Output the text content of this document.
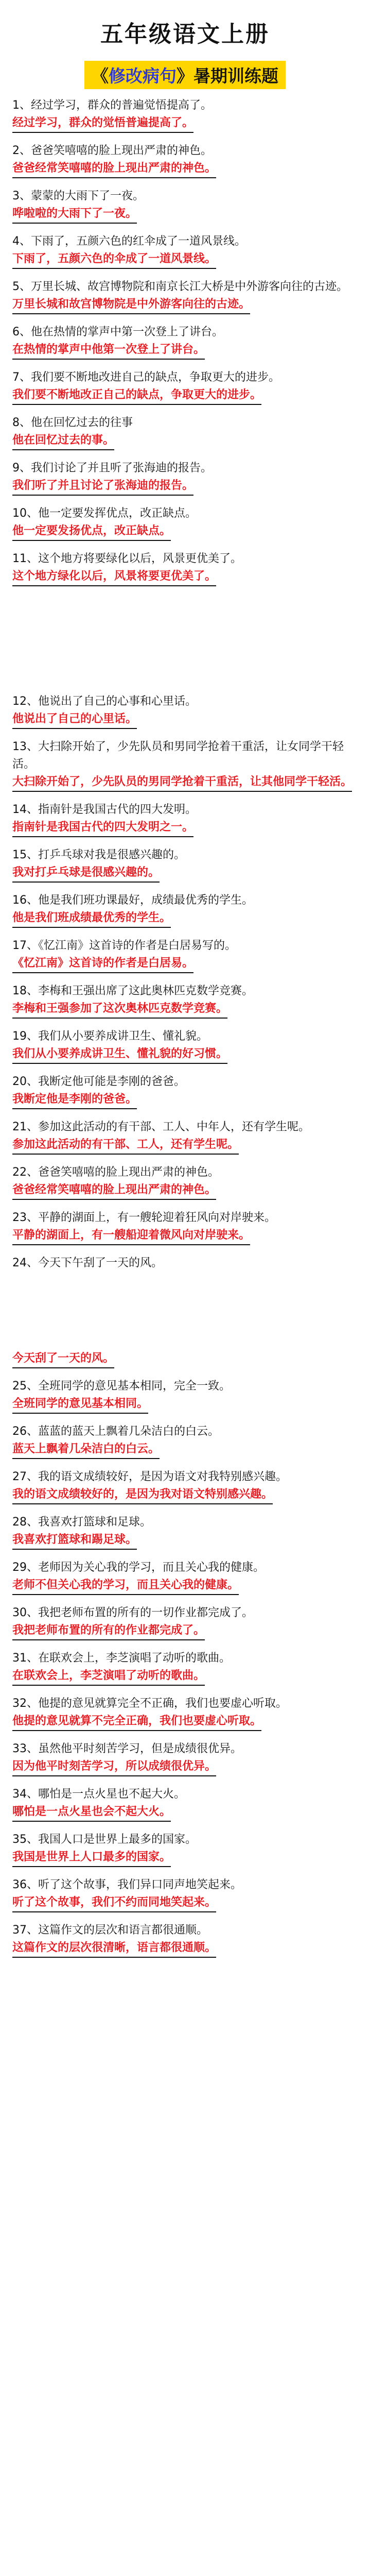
五年级语文上册
《修改病句》暑期训练题

1、经过学习，群众的普遍觉悟提高了。

经过学习，群众的觉悟普遍提高了。

2、爸爸笑嘻嘻的脸上现出严肃的神色。

爸爸经常笑嘻嘻的脸上现出严肃的神色。

3、蒙蒙的大雨下了一夜。

哗啦啦的大雨下了一夜。

4、下雨了，五颜六色的红伞成了一道风景线。

下雨了，五颜六色的伞成了一道风景线。

5、万里长城、故宫博物院和南京长江大桥是中外游客向往的古迹。

万里长城和故宫博物院是中外游客向往的古迹。

6、他在热情的掌声中第一次登上了讲台。

在热情的掌声中他第一次登上了讲台。

7、我们要不断地改进自己的缺点，争取更大的进步。

我们要不断地改正自己的缺点，争取更大的进步。

8、他在回忆过去的往事

他在回忆过去的事。

9、我们讨论了并且听了张海迪的报告。

我们听了并且讨论了张海迪的报告。

10、他一定要发挥优点，改正缺点。

他一定要发扬优点，改正缺点。

11、这个地方将要绿化以后，风景更优美了。

这个地方绿化以后，风景将要更优美了。

12、他说出了自己的心事和心里话。

他说出了自己的心里话。

13、大扫除开始了，少先队员和男同学抢着干重活，让女同学干轻活。

大扫除开始了，少先队员的男同学抢着干重活，让其他同学干轻活。

14、指南针是我国古代的四大发明。

指南针是我国古代的四大发明之一。

15、打乒乓球对我是很感兴趣的。

我对打乒乓球是很感兴趣的。

16、他是我们班功课最好，成绩最优秀的学生。

他是我们班成绩最优秀的学生。

17、《忆江南》这首诗的作者是白居易写的。

《忆江南》这首诗的作者是白居易。

18、李梅和王强出席了这此奥林匹克数学竞赛。

李梅和王强参加了这次奥林匹克数学竞赛。

19、我们从小要养成讲卫生、懂礼貌。

我们从小要养成讲卫生、懂礼貌的好习惯。

20、我断定他可能是李刚的爸爸。

我断定他是李刚的爸爸。

21、参加这此活动的有干部、工人、中年人，还有学生呢。

参加这此活动的有干部、工人，还有学生呢。

22、爸爸笑嘻嘻的脸上现出严肃的神色。

爸爸经常笑嘻嘻的脸上现出严肃的神色。

23、平静的湖面上，有一艘轮迎着狂风向对岸驶来。

平静的湖面上，有一艘船迎着微风向对岸驶来。

24、今天下午刮了一天的风。

今天刮了一天的风。

25、全班同学的意见基本相同，完全一致。

全班同学的意见基本相同。

26、蓝蓝的蓝天上飘着几朵洁白的白云。

蓝天上飘着几朵洁白的白云。

27、我的语文成绩较好，是因为语文对我特别感兴趣。

我的语文成绩较好的，是因为我对语文特别感兴趣。

28、我喜欢打篮球和足球。

我喜欢打篮球和踢足球。

29、老师因为关心我的学习，而且关心我的健康。

老师不但关心我的学习，而且关心我的健康。

30、我把老师布置的所有的一切作业都完成了。

我把老师布置的所有的作业都完成了。

31、在联欢会上，李芝演唱了动听的歌曲。

在联欢会上，李芝演唱了动听的歌曲。

32、他提的意见就算完全不正确，我们也要虚心听取。

他提的意见就算不完全正确，我们也要虚心听取。

33、虽然他平时刻苦学习，但是成绩很优异。

因为他平时刻苦学习，所以成绩很优异。

34、哪怕是一点火星也不起大火。

哪怕是一点火星也会不起大火。

35、我国人口是世界上最多的国家。

我国是世界上人口最多的国家。

36、听了这个故事，我们异口同声地笑起来。

听了这个故事，我们不约而同地笑起来。

37、这篇作文的层次和语言都很通顺。

这篇作文的层次很清晰，语言都很通顺。
